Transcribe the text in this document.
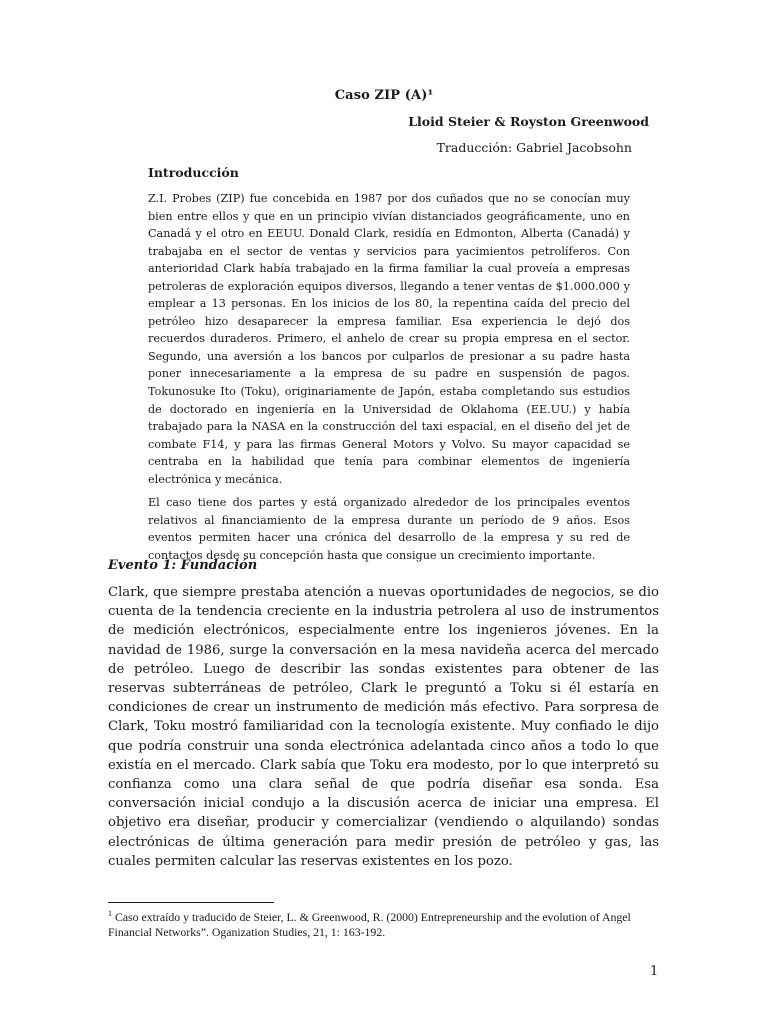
Caso ZIP (A)¹
Lloid Steier & Royston Greenwood
Traducción: Gabriel Jacobsohn
Introducción

Z.I. Probes (ZIP) fue concebida en 1987 por dos cuñados que no se conocían muy bien entre ellos y que en un principio vivían distanciados geográficamente, uno en Canadá y el otro en EEUU. Donald Clark, residía en Edmonton, Alberta (Canadá) y trabajaba en el sector de ventas y servicios para yacimientos petrolíferos. Con anterioridad Clark había trabajado en la firma familiar la cual proveía a empresas petroleras de exploración equipos diversos, llegando a tener ventas de $1.000.000 y emplear a 13 personas. En los inicios de los 80, la repentina caída del precio del petróleo hizo desaparecer la empresa familiar. Esa experiencia le dejó dos recuerdos duraderos. Primero, el anhelo de crear su propia empresa en el sector. Segundo, una aversión a los bancos por culparlos de presionar a su padre hasta poner innecesariamente a la empresa de su padre en suspensión de pagos. Tokunosuke Ito (Toku), originariamente de Japón, estaba completando sus estudios de doctorado en ingeniería en la Universidad de Oklahoma (EE.UU.) y había trabajado para la NASA en la construcción del taxi espacial, en el diseño del jet de combate F14, y para las firmas General Motors y Volvo. Su mayor capacidad se centraba en la habilidad que tenía para combinar elementos de ingeniería electrónica y mecánica.

El caso tiene dos partes y está organizado alrededor de los principales eventos relativos al financiamiento de la empresa durante un período de 9 años. Esos eventos permiten hacer una crónica del desarrollo de la empresa y su red de contactos desde su concepción hasta que consigue un crecimiento importante.

Evento 1: Fundación

Clark, que siempre prestaba atención a nuevas oportunidades de negocios, se dio cuenta de la tendencia creciente en la industria petrolera al uso de instrumentos de medición electrónicos, especialmente entre los ingenieros jóvenes. En la navidad de 1986, surge la conversación en la mesa navideña acerca del mercado de petróleo. Luego de describir las sondas existentes para obtener de las reservas subterráneas de petróleo, Clark le preguntó a Toku si él estaría en condiciones de crear un instrumento de medición más efectivo. Para sorpresa de Clark, Toku mostró familiaridad con la tecnología existente. Muy confiado le dijo que podría construir una sonda electrónica adelantada cinco años a todo lo que existía en el mercado. Clark sabía que Toku era modesto, por lo que interpretó su confianza como una clara señal de que podría diseñar esa sonda. Esa conversación inicial condujo a la discusión acerca de iniciar una empresa. El objetivo era diseñar, producir y comercializar (vendiendo o alquilando) sondas electrónicas de última generación para medir presión de petróleo y gas, las cuales permiten calcular las reservas existentes en los pozo.

$^1$ Caso extraído y traducido de Steier, L. & Greenwood, R. (2000) Entrepreneurship and the evolution of Angel Financial Networks”. Oganization Studies, 21, 1: 163-192.
1
